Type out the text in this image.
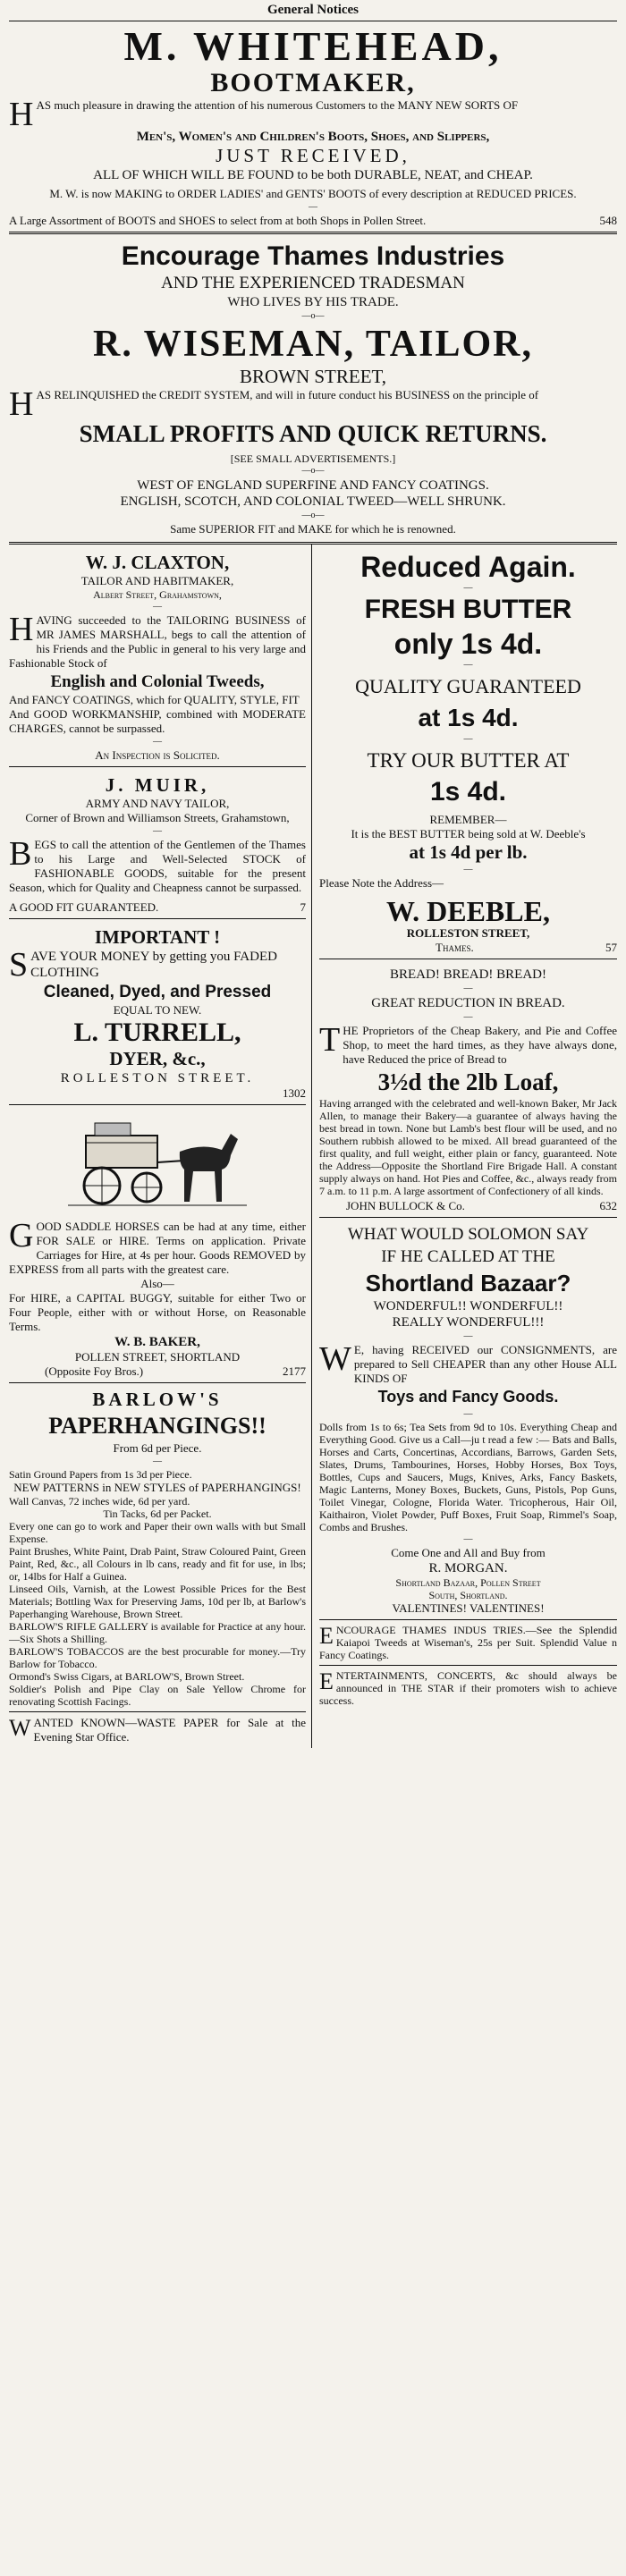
General Notices
M. WHITEHEAD,
BOOTMAKER,

HAS much pleasure in drawing the attention of his numerous Customers to the MANY NEW SORTS OF

Men's, Women's and Children's Boots, Shoes, and Slippers,
JUST RECEIVED,
ALL OF WHICH WILL BE FOUND to be both DURABLE, NEAT, and CHEAP.
M. W. is now MAKING to ORDER LADIES' and GENTS' BOOTS of every description at REDUCED PRICES.
—

A Large Assortment of BOOTS and SHOES to select from at both Shops in Pollen Street.	548

Encourage Thames Industries
AND THE EXPERIENCED TRADESMAN
WHO LIVES BY HIS TRADE.
—o—
R. WISEMAN, TAILOR,
BROWN STREET,

HAS RELINQUISHED the CREDIT SYSTEM, and will in future conduct his BUSINESS on the principle of

SMALL PROFITS AND QUICK RETURNS.
[SEE SMALL ADVERTISEMENTS.]
—o—
WEST OF ENGLAND SUPERFINE AND FANCY COATINGS.
ENGLISH, SCOTCH, AND COLONIAL TWEED—WELL SHRUNK.
—o—
Same SUPERIOR FIT and MAKE for which he is renowned.
W. J. CLAXTON,
TAILOR AND HABITMAKER,
Albert Street, Grahamstown,
—

HAVING succeeded to the TAILORING BUSINESS of MR JAMES MARSHALL, begs to call the attention of his Friends and the Public in general to his very large and Fashionable Stock of

English and Colonial Tweeds,

And FANCY COATINGS, which for QUALITY, STYLE, FIT

And GOOD WORKMANSHIP, combined with MODERATE CHARGES, cannot be surpassed.

—
An Inspection is Solicited.
J. MUIR,
ARMY AND NAVY TAILOR,
Corner of Brown and Williamson Streets, Grahamstown,
—

BEGS to call the attention of the Gentlemen of the Thames to his Large and Well-Selected STOCK of FASHIONABLE GOODS, suitable for the present Season, which for Quality and Cheapness cannot be surpassed.

A GOOD FIT GUARANTEED.	7
IMPORTANT !

SAVE YOUR MONEY by getting you FADED CLOTHING

Cleaned, Dyed, and Pressed
EQUAL TO NEW.
L. TURRELL,
DYER, &c.,
ROLLESTON STREET.
1302

GOOD SADDLE HORSES can be had at any time, either FOR SALE or HIRE. Terms on application. Private Carriages for Hire, at 4s per hour. Goods REMOVED by EXPRESS from all parts with the greatest care.

Also—

For HIRE, a CAPITAL BUGGY, suitable for either Two or Four People, either with or without Horse, on Reasonable Terms.

W. B. BAKER,
POLLEN STREET, SHORTLAND
(Opposite Foy Bros.)	2177
BARLOW'S
PAPERHANGINGS!!
From 6d per Piece.
—

Satin Ground Papers from 1s 3d per Piece.

NEW PATTERNS in NEW STYLES of PAPERHANGINGS!

Wall Canvas, 72 inches wide, 6d per yard.

Tin Tacks, 6d per Packet.

Every one can go to work and Paper their own walls with but Small Expense.

Paint Brushes, White Paint, Drab Paint, Straw Coloured Paint, Green Paint, Red, &c., all Colours in lb cans, ready and fit for use, in lbs; or, 14lbs for Half a Guinea.

Linseed Oils, Varnish, at the Lowest Possible Prices for the Best Materials; Bottling Wax for Preserving Jams, 10d per lb, at Barlow's Paperhanging Warehouse, Brown Street.

BARLOW'S RIFLE GALLERY is available for Practice at any hour.—Six Shots a Shilling.

BARLOW'S TOBACCOS are the best procurable for money.—Try Barlow for Tobacco.

Ormond's Swiss Cigars, at BARLOW'S, Brown Street.

Soldier's Polish and Pipe Clay on Sale Yellow Chrome for renovating Scottish Facings.

WANTED KNOWN—WASTE PAPER for Sale at the Evening Star Office.

Reduced Again.
—
FRESH BUTTER
only 1s 4d.
—
QUALITY GUARANTEED
at 1s 4d.
—
TRY OUR BUTTER AT
1s 4d.
REMEMBER—
It is the BEST BUTTER being sold at W. Deeble's
at 1s 4d per lb.
—
Please Note the Address—
W. DEEBLE,
ROLLESTON STREET,
Thames.	57
BREAD! BREAD! BREAD!
—
GREAT REDUCTION IN BREAD.
—

THE Proprietors of the Cheap Bakery, and Pie and Coffee Shop, to meet the hard times, as they have always done, have Reduced the price of Bread to

3½d the 2lb Loaf,

Having arranged with the celebrated and well-known Baker, Mr Jack Allen, to manage their Bakery—a guarantee of always having the best bread in town. None but Lamb's best flour will be used, and no Southern rubbish allowed to be mixed. All bread guaranteed of the first quality, and full weight, either plain or fancy, guaranteed. Note the Address—Opposite the Shortland Fire Brigade Hall. A constant supply always on hand. Hot Pies and Coffee, &c., always ready from 7 a.m. to 11 p.m. A large assortment of Confectionery of all kinds.

JOHN BULLOCK & Co.	632
WHAT WOULD SOLOMON SAY
IF HE CALLED AT THE
Shortland Bazaar?
WONDERFUL!! WONDERFUL!!
REALLY WONDERFUL!!!
—

W E, having RECEIVED our CONSIGNMENTS, are prepared to Sell CHEAPER than any other House ALL KINDS OF

Toys and Fancy Goods.
—

Dolls from 1s to 6s; Tea Sets from 9d to 10s. Everything Cheap and Everything Good. Give us a Call—ju t read a few :— Bats and Balls, Horses and Carts, Concertinas, Accordians, Barrows, Garden Sets, Slates, Drums, Tambourines, Horses, Hobby Horses, Box Toys, Bottles, Cups and Saucers, Mugs, Knives, Arks, Fancy Baskets, Magic Lanterns, Money Boxes, Buckets, Guns, Pistols, Pop Guns, Toilet Vinegar, Cologne, Florida Water. Tricopherous, Hair Oil, Kaithairon, Violet Powder, Puff Boxes, Fruit Soap, Rimmel's Soap, Combs and Brushes.

—
Come One and All and Buy from
R. MORGAN.
Shortland Bazaar, Pollen Street
South, Shortland.
VALENTINES! VALENTINES!

ENCOURAGE THAMES INDUS TRIES.—See the Splendid Kaiapoi Tweeds at Wiseman's, 25s per Suit. Splendid Value n Fancy Coatings.

ENTERTAINMENTS, CONCERTS, &c should always be announced in THE STAR if their promoters wish to achieve success.
